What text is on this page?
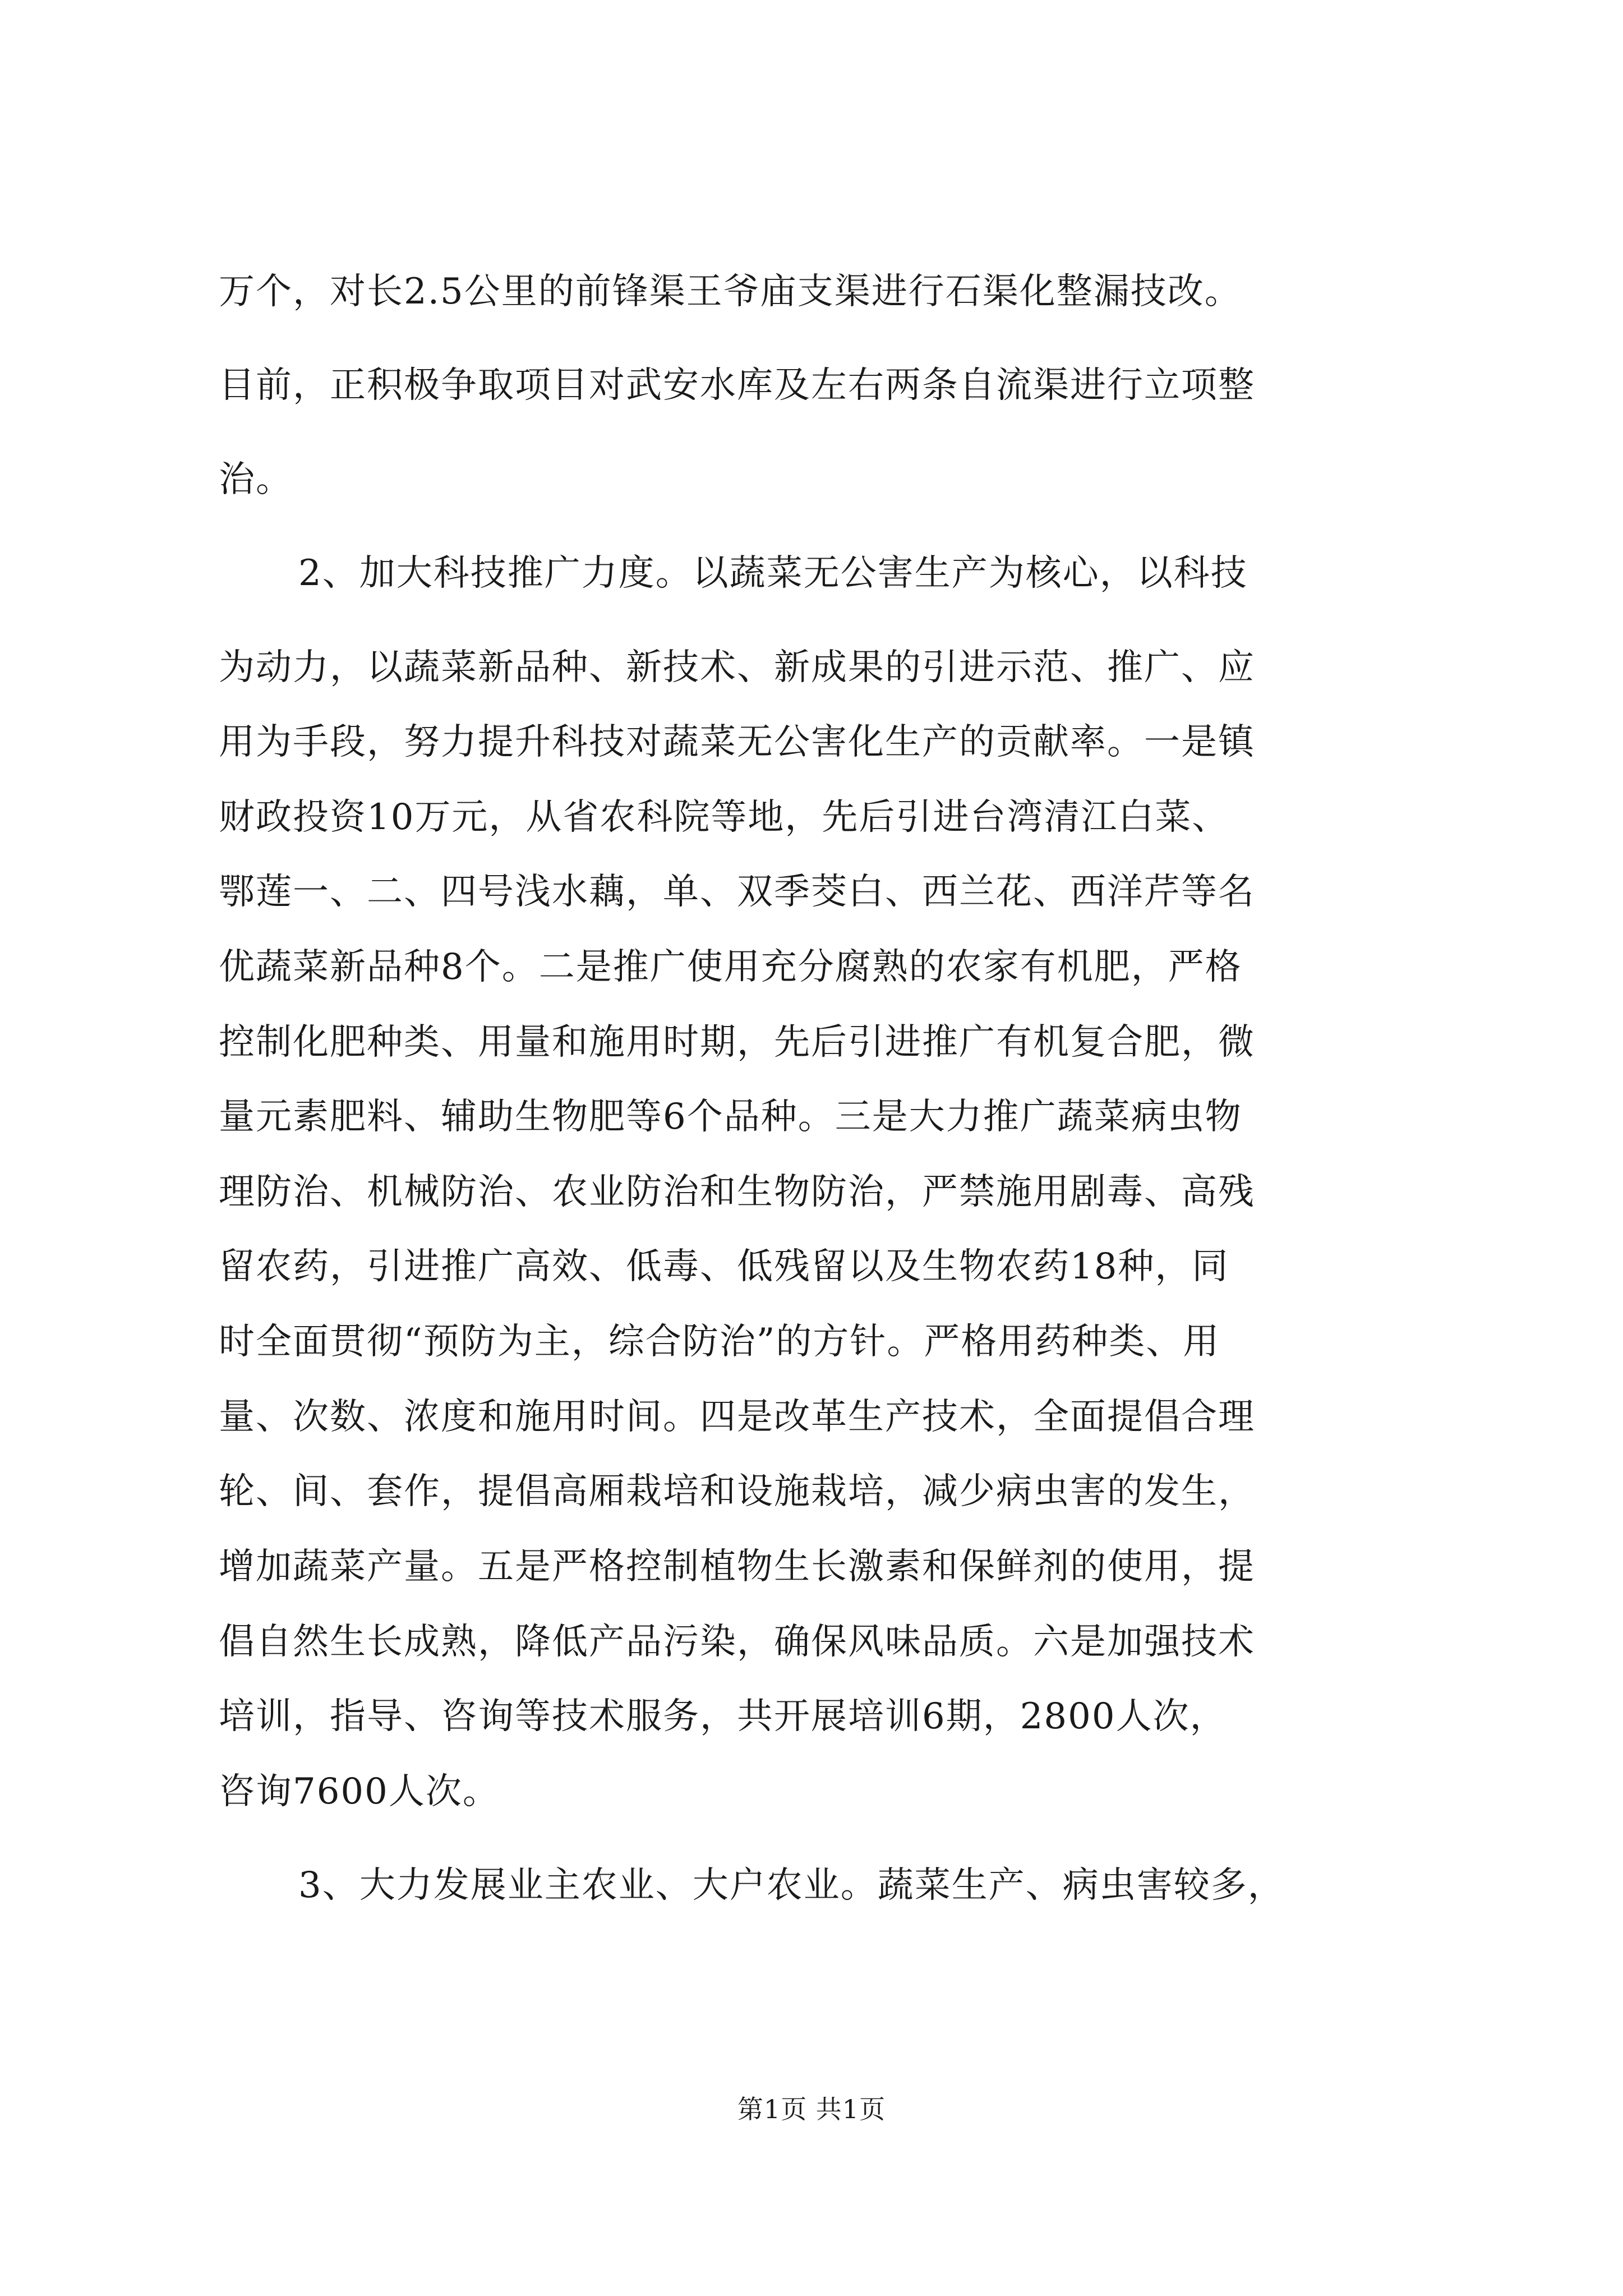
万个，对长2.5公里的前锋渠王爷庙支渠进行石渠化整漏技改。
目前，正积极争取项目对武安水库及左右两条自流渠进行立项整
治。
2、加大科技推广力度。以蔬菜无公害生产为核心，以科技
为动力，以蔬菜新品种、新技术、新成果的引进示范、推广、应
用为手段，努力提升科技对蔬菜无公害化生产的贡献率。一是镇
财政投资10万元，从省农科院等地，先后引进台湾清江白菜、
鄂莲一、二、四号浅水藕，单、双季茭白、西兰花、西洋芹等名
优蔬菜新品种8个。二是推广使用充分腐熟的农家有机肥，严格
控制化肥种类、用量和施用时期，先后引进推广有机复合肥，微
量元素肥料、辅助生物肥等6个品种。三是大力推广蔬菜病虫物
理防治、机械防治、农业防治和生物防治，严禁施用剧毒、高残
留农药，引进推广高效、低毒、低残留以及生物农药18种，同
时全面贯彻“预防为主，综合防治”的方针。严格用药种类、用
量、次数、浓度和施用时间。四是改革生产技术，全面提倡合理
轮、间、套作，提倡高厢栽培和设施栽培，减少病虫害的发生，
增加蔬菜产量。五是严格控制植物生长激素和保鲜剂的使用，提
倡自然生长成熟，降低产品污染，确保风味品质。六是加强技术
培训，指导、咨询等技术服务，共开展培训6期，2800人次，
咨询7600人次。
3、大力发展业主农业、大户农业。蔬菜生产、病虫害较多，
第1页 共1页
